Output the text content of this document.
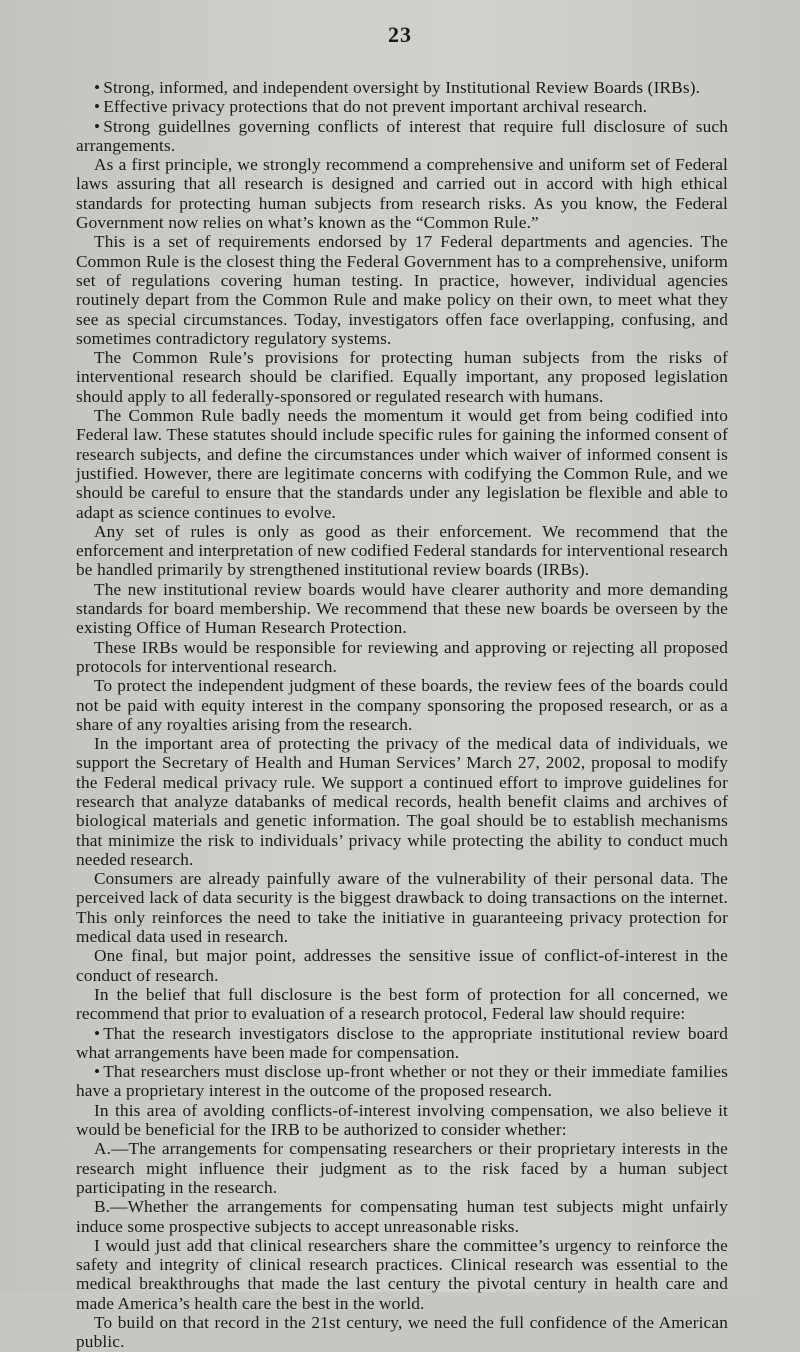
23

• Strong, informed, and independent oversight by Institutional Review Boards (IRBs).

• Effective privacy protections that do not prevent important archival research.

• Strong guidellnes governing conflicts of interest that require full disclosure of such arrangements.

As a first principle, we strongly recommend a comprehensive and uniform set of Federal laws assuring that all research is designed and carried out in accord with high ethical standards for protecting human subjects from research risks. As you know, the Federal Government now relies on what’s known as the “Common Rule.”

This is a set of requirements endorsed by 17 Federal departments and agencies. The Common Rule is the closest thing the Federal Government has to a comprehensive, uniform set of regulations covering human testing. In practice, however, individual agencies routinely depart from the Common Rule and make policy on their own, to meet what they see as special circumstances. Today, investigators offen face overlapping, confusing, and sometimes contradictory regulatory systems.

The Common Rule’s provisions for protecting human subjects from the risks of interventional research should be clarified. Equally important, any proposed legislation should apply to all federally-sponsored or regulated research with humans.

The Common Rule badly needs the momentum it would get from being codified into Federal law. These statutes should include specific rules for gaining the informed consent of research subjects, and define the circumstances under which waiver of informed consent is justified. However, there are legitimate concerns with codifying the Common Rule, and we should be careful to ensure that the standards under any legislation be flexible and able to adapt as science continues to evolve.

Any set of rules is only as good as their enforcement. We recommend that the enforcement and interpretation of new codified Federal standards for interventional research be handled primarily by strengthened institutional review boards (IRBs).

The new institutional review boards would have clearer authority and more demanding standards for board membership. We recommend that these new boards be overseen by the existing Office of Human Research Protection.

These IRBs would be responsible for reviewing and approving or rejecting all proposed protocols for interventional research.

To protect the independent judgment of these boards, the review fees of the boards could not be paid with equity interest in the company sponsoring the proposed research, or as a share of any royalties arising from the research.

In the important area of protecting the privacy of the medical data of individuals, we support the Secretary of Health and Human Services’ March 27, 2002, proposal to modify the Federal medical privacy rule. We support a continued effort to improve guidelines for research that analyze databanks of medical records, health benefit claims and archives of biological materials and genetic information. The goal should be to establish mechanisms that minimize the risk to individuals’ privacy while protecting the ability to conduct much needed research.

Consumers are already painfully aware of the vulnerability of their personal data. The perceived lack of data security is the biggest drawback to doing transactions on the internet. This only reinforces the need to take the initiative in guaranteeing privacy protection for medical data used in research.

One final, but major point, addresses the sensitive issue of conflict-of-interest in the conduct of research.

In the belief that full disclosure is the best form of protection for all concerned, we recommend that prior to evaluation of a research protocol, Federal law should require:

• That the research investigators disclose to the appropriate institutional review board what arrangements have been made for compensation.

• That researchers must disclose up-front whether or not they or their immediate families have a proprietary interest in the outcome of the proposed research.

In this area of avolding conflicts-of-interest involving compensation, we also believe it would be beneficial for the IRB to be authorized to consider whether:

A.—The arrangements for compensating researchers or their proprietary interests in the research might influence their judgment as to the risk faced by a human subject participating in the research.

B.—Whether the arrangements for compensating human test subjects might unfairly induce some prospective subjects to accept unreasonable risks.

I would just add that clinical researchers share the committee’s urgency to reinforce the safety and integrity of clinical research practices. Clinical research was essential to the medical breakthroughs that made the last century the pivotal century in health care and made America’s health care the best in the world.

To build on that record in the 21st century, we need the full confidence of the American public.
